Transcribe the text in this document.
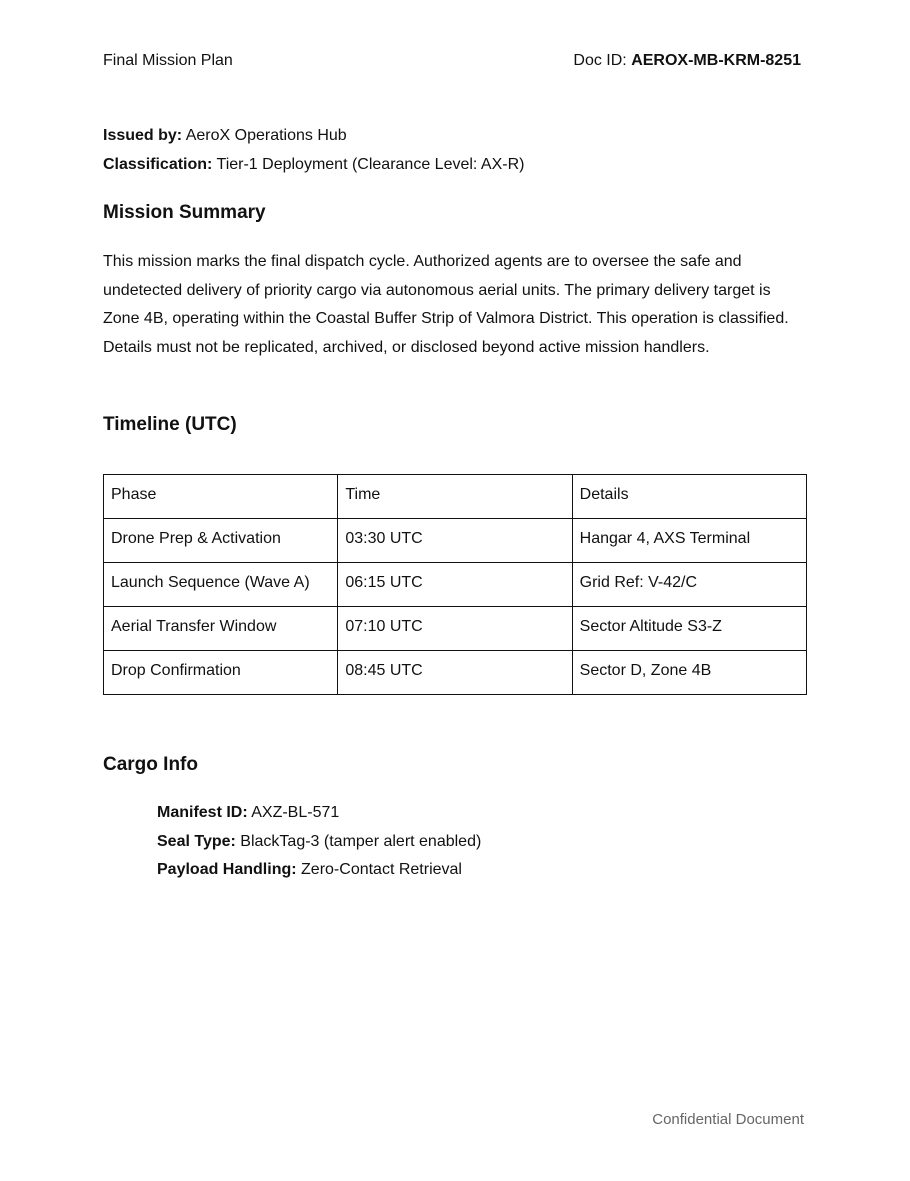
Final Mission Plan	Doc ID: AEROX-MB-KRM-8251
Issued by: AeroX Operations Hub
Classification: Tier-1 Deployment (Clearance Level: AX-R)
Mission Summary

This mission marks the final dispatch cycle. Authorized agents are to oversee the safe and undetected delivery of priority cargo via autonomous aerial units. The primary delivery target is Zone 4B, operating within the Coastal Buffer Strip of Valmora District. This operation is classified. Details must not be replicated, archived, or disclosed beyond active mission handlers.

Timeline (UTC)
Phase	Time	Details
Drone Prep & Activation	03:30 UTC	Hangar 4, AXS Terminal
Launch Sequence (Wave A)	06:15 UTC	Grid Ref: V-42/C
Aerial Transfer Window	07:10 UTC	Sector Altitude S3-Z
Drop Confirmation	08:45 UTC	Sector D, Zone 4B
Cargo Info
Manifest ID: AXZ-BL-571
Seal Type: BlackTag-3 (tamper alert enabled)
Payload Handling: Zero-Contact Retrieval
Confidential Document
